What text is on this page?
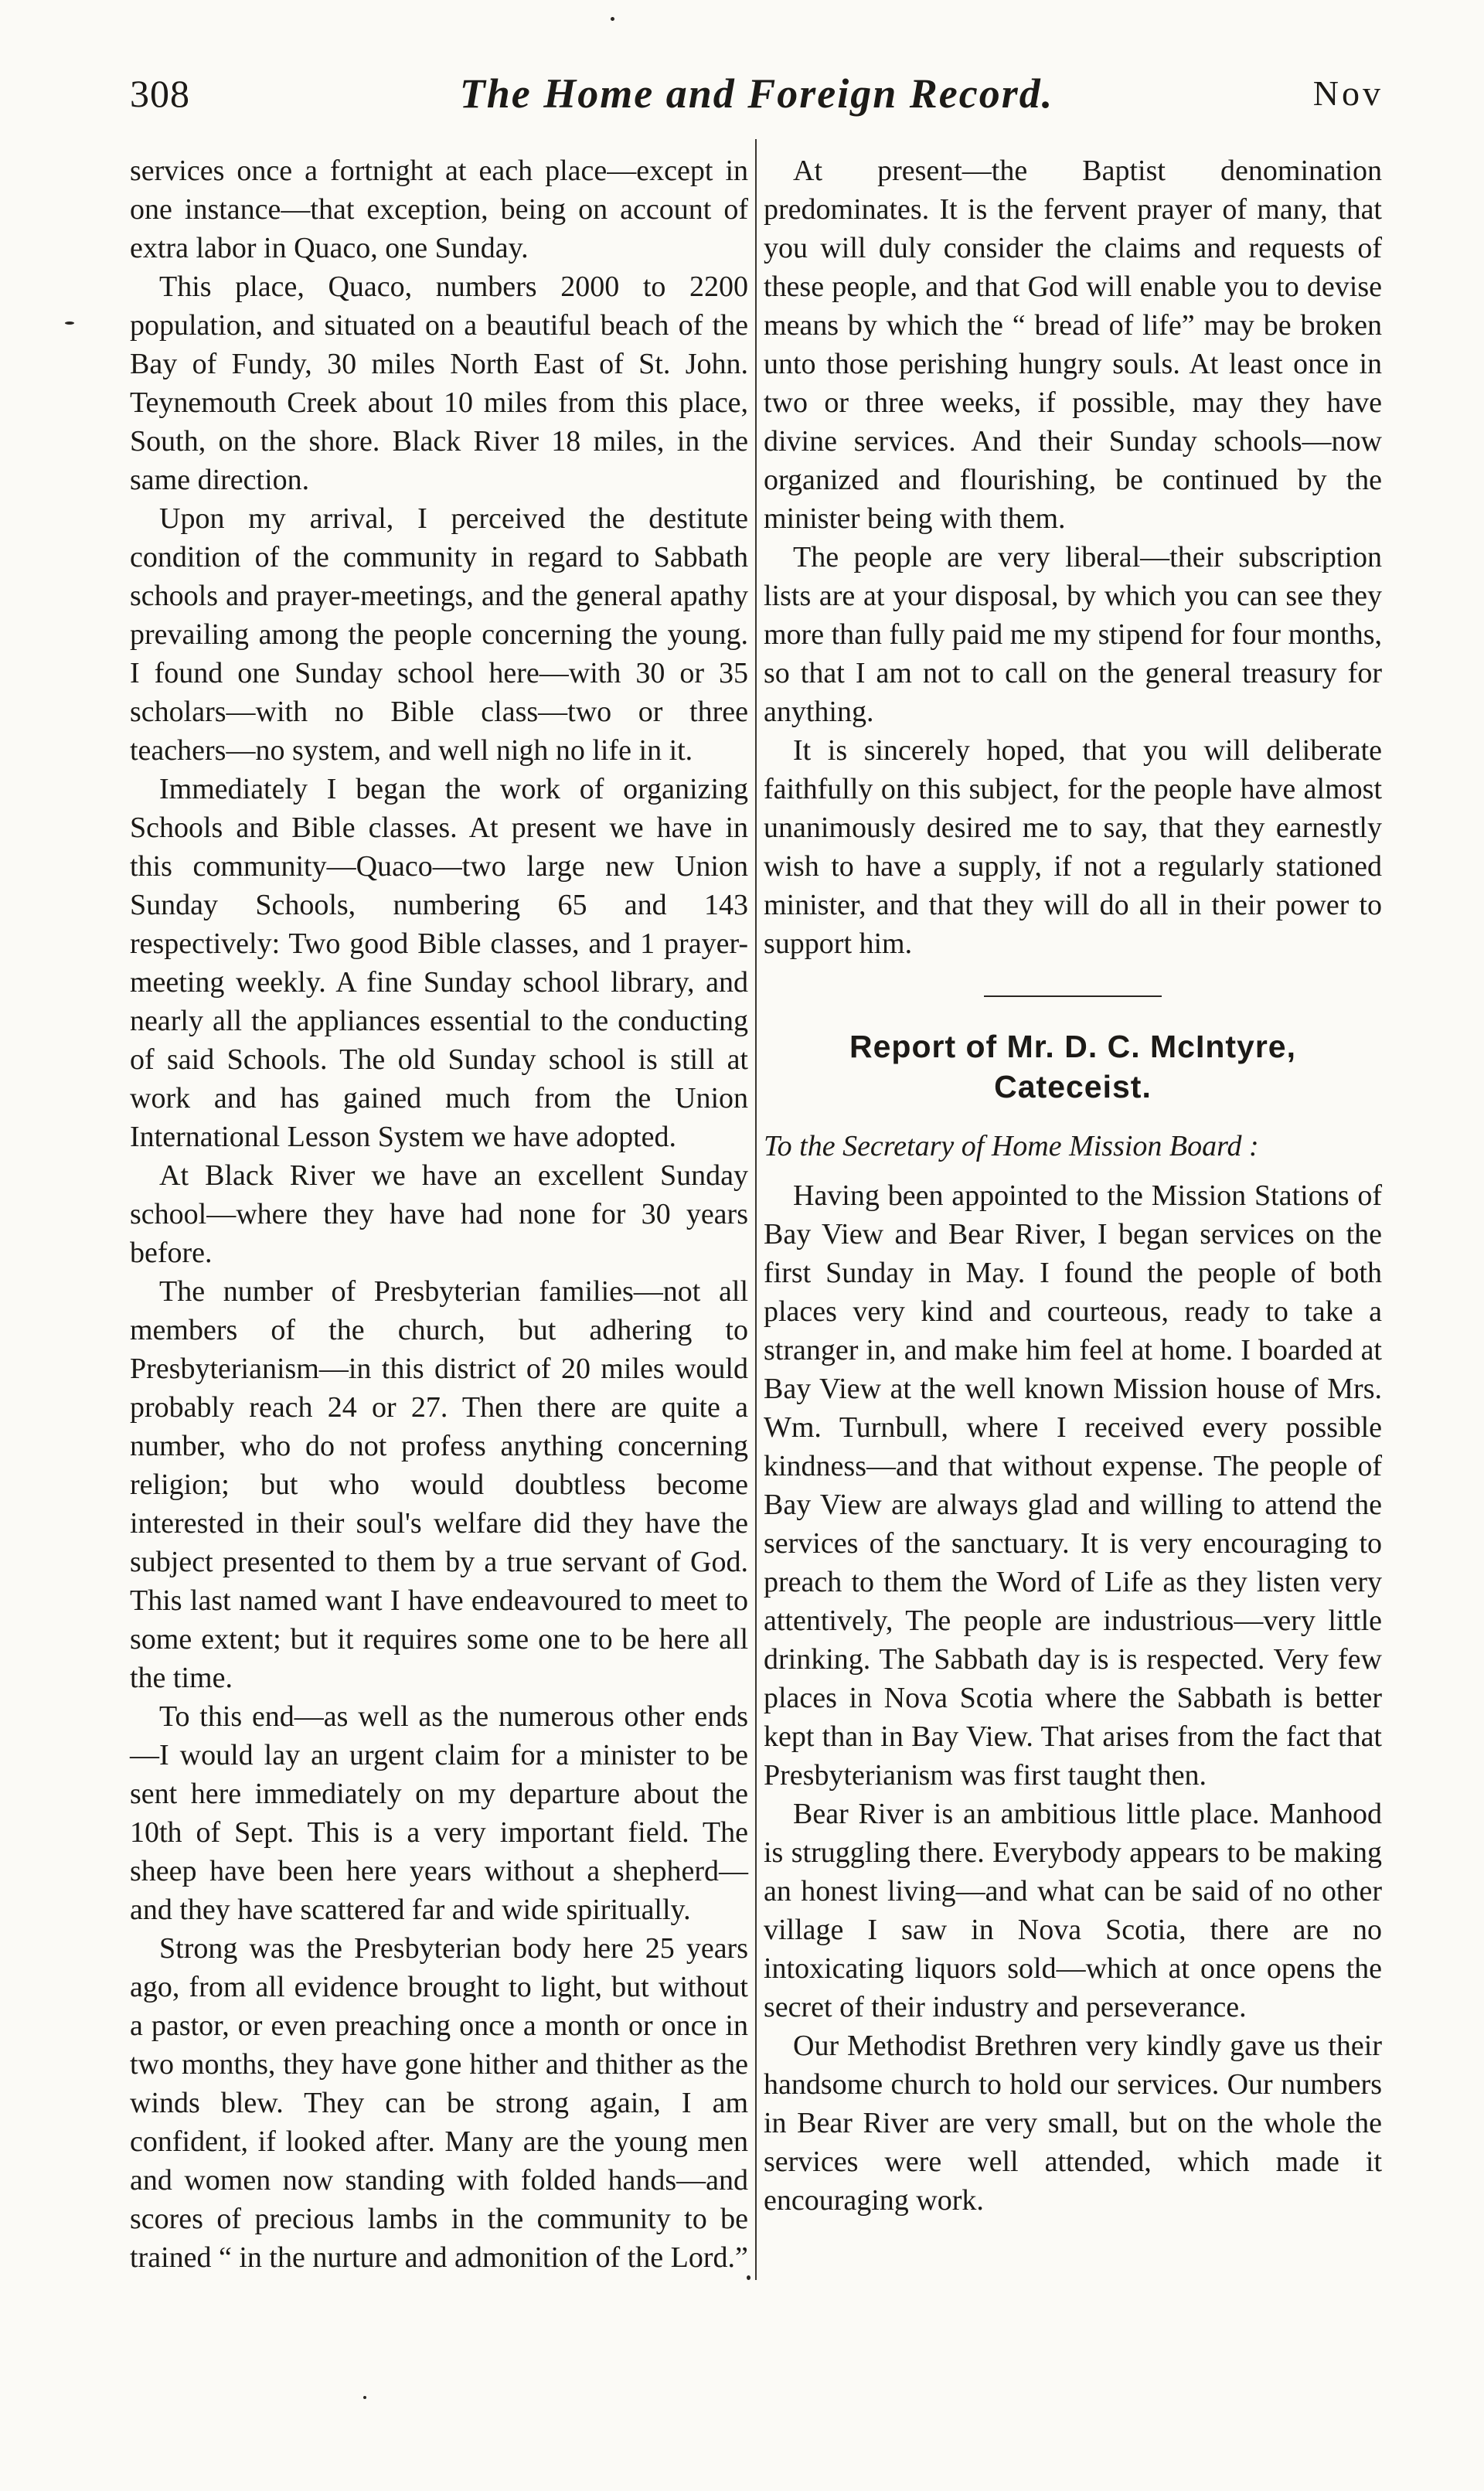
308	The Home and Foreign Record.	Nov

services once a fortnight at each place—except in one instance—that exception, being on account of extra labor in Quaco, one Sunday.

This place, Quaco, numbers 2000 to 2200 population, and situated on a beautiful beach of the Bay of Fundy, 30 miles North East of St. John. Teynemouth Creek about 10 miles from this place, South, on the shore. Black River 18 miles, in the same direction.

Upon my arrival, I perceived the destitute condition of the community in regard to Sabbath schools and prayer-meetings, and the general apathy prevailing among the people concerning the young. I found one Sunday school here—with 30 or 35 scholars—with no Bible class—two or three teachers—no system, and well nigh no life in it.

Immediately I began the work of organizing Schools and Bible classes. At present we have in this community—Quaco—two large new Union Sunday Schools, numbering 65 and 143 respectively: Two good Bible classes, and 1 prayer-meeting weekly. A fine Sunday school library, and nearly all the appliances essential to the conducting of said Schools. The old Sunday school is still at work and has gained much from the Union International Lesson System we have adopted.

At Black River we have an excellent Sunday school—where they have had none for 30 years before.

The number of Presbyterian families—not all members of the church, but adhering to Presbyterianism—in this district of 20 miles would probably reach 24 or 27. Then there are quite a number, who do not profess anything concerning religion; but who would doubtless become interested in their soul's welfare did they have the subject presented to them by a true servant of God. This last named want I have endeavoured to meet to some extent; but it requires some one to be here all the time.

To this end—as well as the numerous other ends—I would lay an urgent claim for a minister to be sent here immediately on my departure about the 10th of Sept. This is a very important field. The sheep have been here years without a shepherd—and they have scattered far and wide spiritually.

Strong was the Presbyterian body here 25 years ago, from all evidence brought to light, but without a pastor, or even preaching once a month or once in two months, they have gone hither and thither as the winds blew. They can be strong again, I am confident, if looked after. Many are the young men and women now standing with folded hands—and scores of precious lambs in the community to be trained “ in the nurture and admonition of the Lord.”

At present—the Baptist denomination predominates. It is the fervent prayer of many, that you will duly consider the claims and requests of these people, and that God will enable you to devise means by which the “ bread of life” may be broken unto those perishing hungry souls. At least once in two or three weeks, if possible, may they have divine services. And their Sunday schools—now organized and flourishing, be continued by the minister being with them.

The people are very liberal—their subscription lists are at your disposal, by which you can see they more than fully paid me my stipend for four months, so that I am not to call on the general treasury for anything.

It is sincerely hoped, that you will deliberate faithfully on this subject, for the people have almost unanimously desired me to say, that they earnestly wish to have a supply, if not a regularly stationed minister, and that they will do all in their power to support him.

Report of Mr. D. C. McIntyre,
Cateceist.

To the Secretary of Home Mission Board :

Having been appointed to the Mission Stations of Bay View and Bear River, I began services on the first Sunday in May. I found the people of both places very kind and courteous, ready to take a stranger in, and make him feel at home. I boarded at Bay View at the well known Mission house of Mrs. Wm. Turnbull, where I received every possible kindness—and that without expense. The people of Bay View are always glad and willing to attend the services of the sanctuary. It is very encouraging to preach to them the Word of Life as they listen very attentively, The people are industrious—very little drinking. The Sabbath day is is respected. Very few places in Nova Scotia where the Sabbath is better kept than in Bay View. That arises from the fact that Presbyterianism was first taught then.

Bear River is an ambitious little place. Manhood is struggling there. Everybody appears to be making an honest living—and what can be said of no other village I saw in Nova Scotia, there are no intoxicating liquors sold—which at once opens the secret of their industry and perseverance.

Our Methodist Brethren very kindly gave us their handsome church to hold our services. Our numbers in Bear River are very small, but on the whole the services were well attended, which made it encouraging work.
